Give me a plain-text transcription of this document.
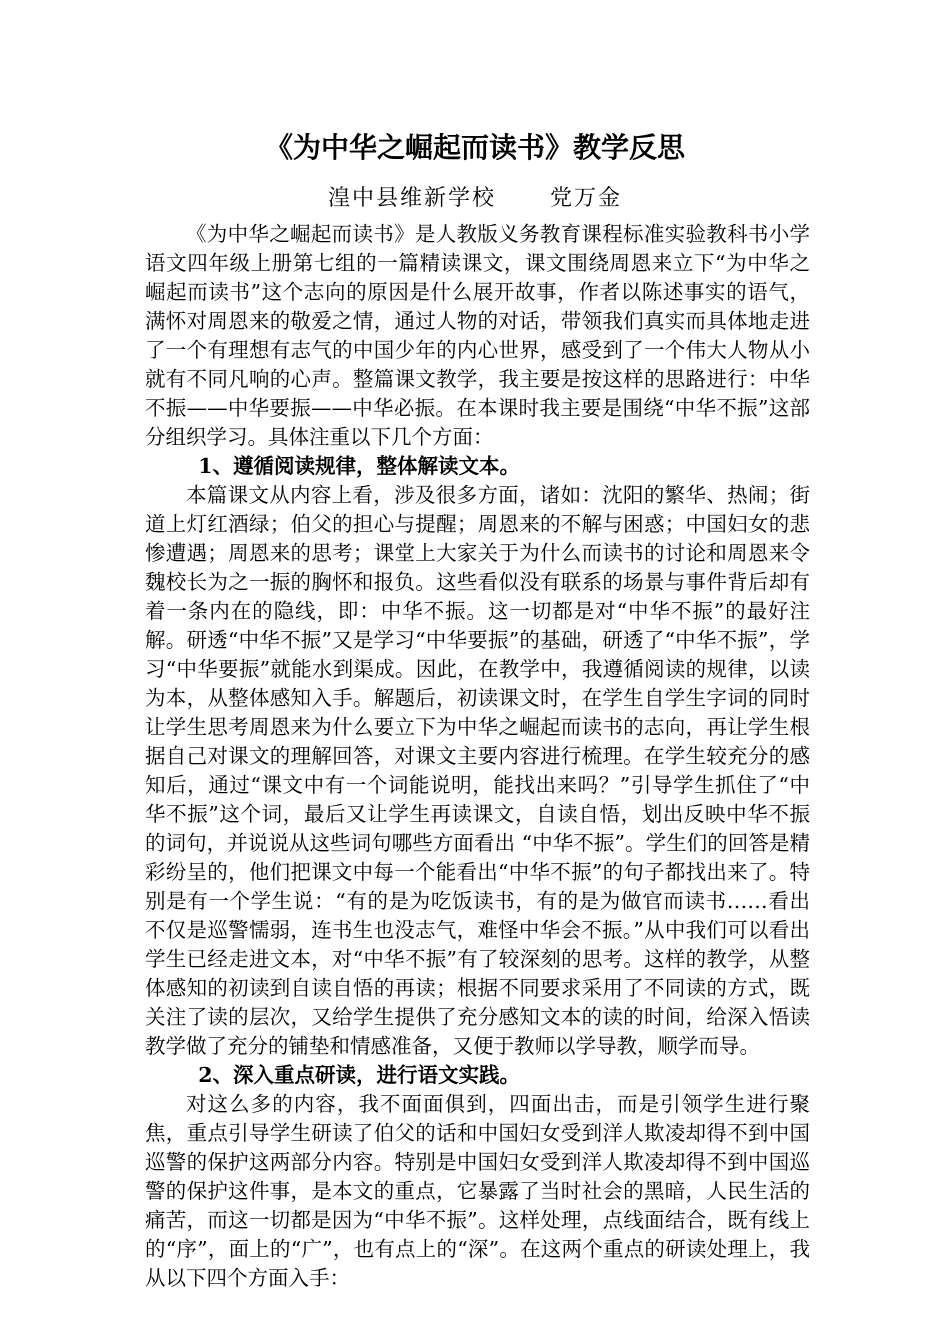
《为中华之崛起而读书》教学反思
湟中县维新学校      党万金

《为中华之崛起而读书》是人教版义务教育课程标准实验教科书小学语文四年级上册第七组的一篇精读课文，课文围绕周恩来立下“为中华之崛起而读书”这个志向的原因是什么展开故事，作者以陈述事实的语气，满怀对周恩来的敬爱之情，通过人物的对话，带领我们真实而具体地走进了一个有理想有志气的中国少年的内心世界，感受到了一个伟大人物从小就有不同凡响的心声。整篇课文教学，我主要是按这样的思路进行：中华不振——中华要振——中华必振。在本课时我主要是围绕“中华不振”这部分组织学习。具体注重以下几个方面：

1、遵循阅读规律，整体解读文本。

本篇课文从内容上看，涉及很多方面，诸如：沈阳的繁华、热闹；街道上灯红酒绿；伯父的担心与提醒；周恩来的不解与困惑；中国妇女的悲惨遭遇；周恩来的思考；课堂上大家关于为什么而读书的讨论和周恩来令魏校长为之一振的胸怀和报负。这些看似没有联系的场景与事件背后却有着一条内在的隐线，即：中华不振。这一切都是对“中华不振”的最好注解。研透“中华不振”又是学习“中华要振”的基础，研透了“中华不振”，学习“中华要振”就能水到渠成。因此，在教学中，我遵循阅读的规律，以读为本，从整体感知入手。解题后，初读课文时，在学生自学生字词的同时让学生思考周恩来为什么要立下为中华之崛起而读书的志向，再让学生根据自己对课文的理解回答，对课文主要内容进行梳理。在学生较充分的感知后，通过“课文中有一个词能说明，能找出来吗？”引导学生抓住了“中华不振”这个词，最后又让学生再读课文，自读自悟，划出反映中华不振的词句，并说说从这些词句哪些方面看出 “中华不振”。学生们的回答是精彩纷呈的，他们把课文中每一个能看出“中华不振”的句子都找出来了。特别是有一个学生说：“有的是为吃饭读书，有的是为做官而读书……看出不仅是巡警懦弱，连书生也没志气，难怪中华会不振。”从中我们可以看出学生已经走进文本，对“中华不振”有了较深刻的思考。这样的教学，从整体感知的初读到自读自悟的再读；根据不同要求采用了不同读的方式，既关注了读的层次，又给学生提供了充分感知文本的读的时间，给深入悟读教学做了充分的铺垫和情感准备，又便于教师以学导教，顺学而导。

2、深入重点研读，进行语文实践。

对这么多的内容，我不面面俱到，四面出击，而是引领学生进行聚焦，重点引导学生研读了伯父的话和中国妇女受到洋人欺凌却得不到中国巡警的保护这两部分内容。特别是中国妇女受到洋人欺凌却得不到中国巡警的保护这件事，是本文的重点，它暴露了当时社会的黑暗，人民生活的痛苦，而这一切都是因为“中华不振”。这样处理，点线面结合，既有线上的“序”，面上的“广”，也有点上的“深”。在这两个重点的研读处理上，我从以下四个方面入手：
